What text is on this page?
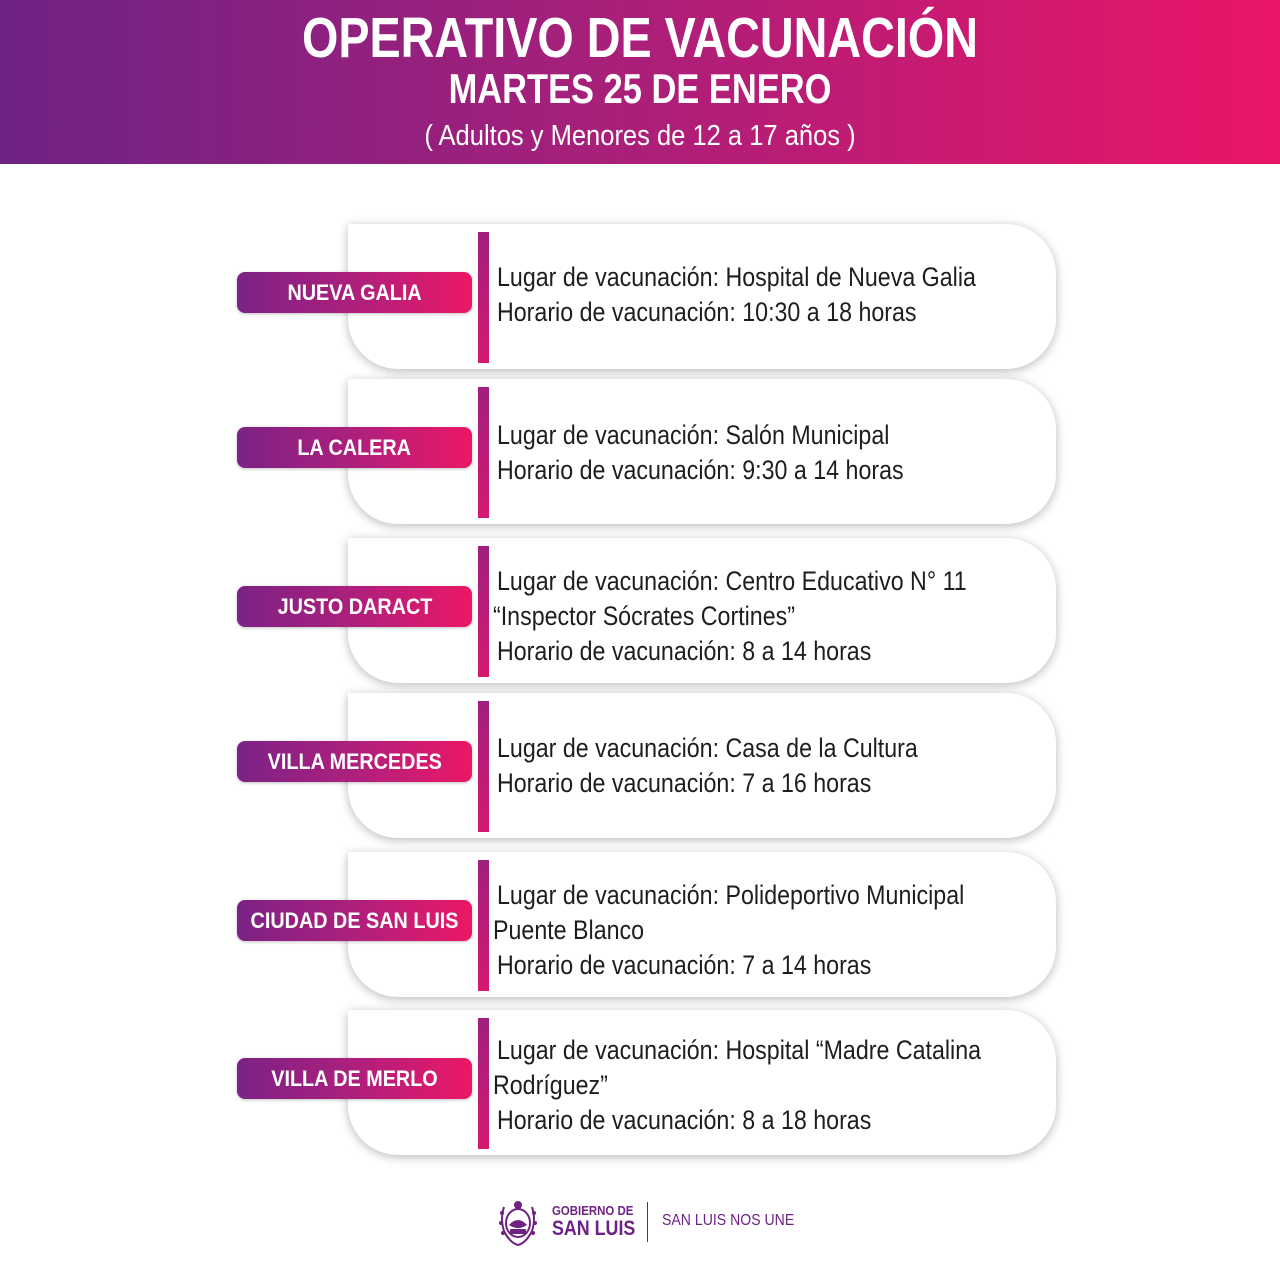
OPERATIVO DE VACUNACIÓN
MARTES 25 DE ENERO
( Adultos y Menores de 12 a 17 años )
NUEVA GALIA
Lugar de vacunación: Hospital de Nueva Galia
Horario de vacunación: 10:30 a 18 horas
LA CALERA	Lugar de vacunación: Salón Municipal
Horario de vacunación: 9:30 a 14 horas
JUSTO DARACT
Lugar de vacunación: Centro Educativo N° 11
“Inspector Sócrates Cortines”
Horario de vacunación: 8 a 14 horas
VILLA MERCEDES	Lugar de vacunación: Casa de la Cultura
Horario de vacunación: 7 a 16 horas
CIUDAD DE SAN LUIS
Lugar de vacunación: Polideportivo Municipal
Puente Blanco
Horario de vacunación: 7 a 14 horas
VILLA DE MERLO
Lugar de vacunación: Hospital “Madre Catalina
Rodríguez”
Horario de vacunación: 8 a 18 horas
GOBIERNO DE
SAN LUIS SAN LUIS NOS UNE
